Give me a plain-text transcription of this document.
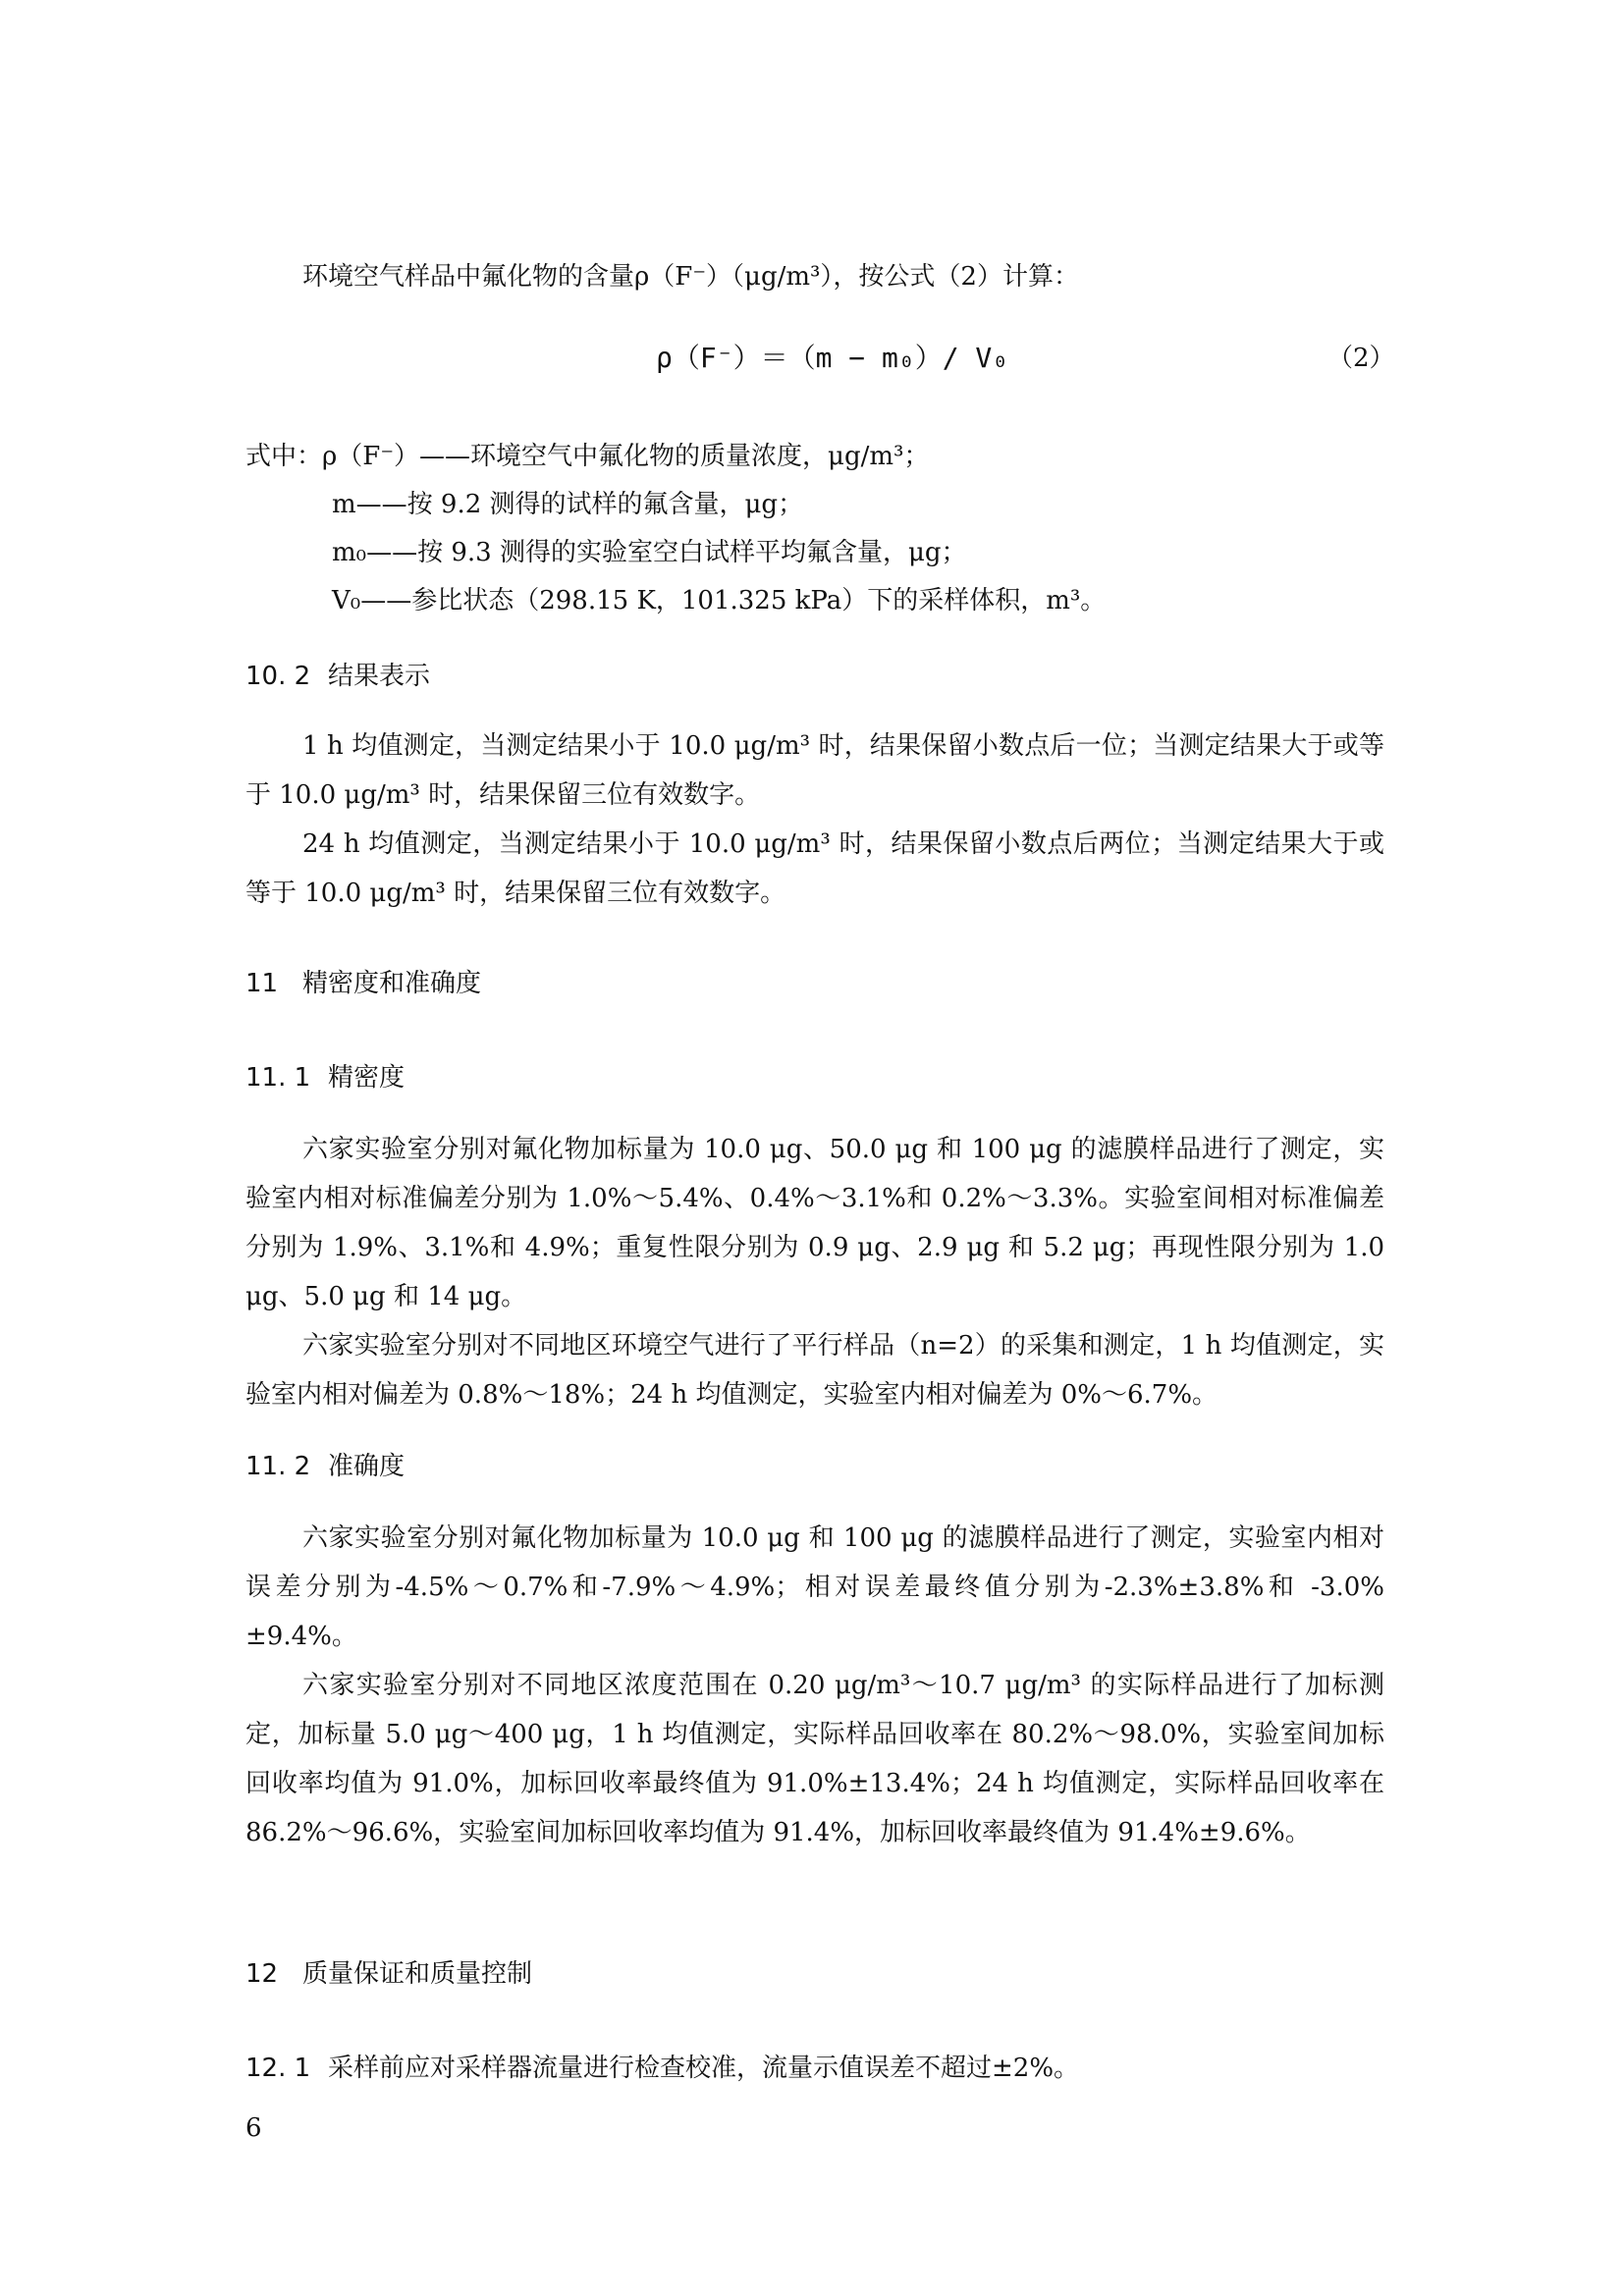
环境空气样品中氟化物的含量ρ（F⁻）（μg/m³），按公式（2）计算：
ρ（F⁻）＝（m − m₀）/ V₀	（2）
式中：ρ（F⁻）——环境空气中氟化物的质量浓度，μg/m³；
m——按 9.2 测得的试样的氟含量，μg；
m₀——按 9.3 测得的实验室空白试样平均氟含量，μg；
V₀——参比状态（298.15 K，101.325 kPa）下的采样体积，m³。
10. 2 结果表示
1 h 均值测定，当测定结果小于 10.0 μg/m³ 时，结果保留小数点后一位；当测定结果大于或等于 10.0 μg/m³ 时，结果保留三位有效数字。
24 h 均值测定，当测定结果小于 10.0 μg/m³ 时，结果保留小数点后两位；当测定结果大于或等于 10.0 μg/m³ 时，结果保留三位有效数字。
11 精密度和准确度
11. 1 精密度
六家实验室分别对氟化物加标量为 10.0 μg、50.0 μg 和 100 μg 的滤膜样品进行了测定，实验室内相对标准偏差分别为 1.0%～5.4%、0.4%～3.1%和 0.2%～3.3%。实验室间相对标准偏差分别为 1.9%、3.1%和 4.9%；重复性限分别为 0.9 μg、2.9 μg 和 5.2 μg；再现性限分别为 1.0 μg、5.0 μg 和 14 μg。
六家实验室分别对不同地区环境空气进行了平行样品（n=2）的采集和测定，1 h 均值测定，实验室内相对偏差为 0.8%～18%；24 h 均值测定，实验室内相对偏差为 0%～6.7%。
11. 2 准确度
六家实验室分别对氟化物加标量为 10.0 μg 和 100 μg 的滤膜样品进行了测定，实验室内相对误差分别为-4.5%～0.7%和-7.9%～4.9%；相对误差最终值分别为-2.3%±3.8%和 -3.0%±9.4%。
六家实验室分别对不同地区浓度范围在 0.20 μg/m³～10.7 μg/m³ 的实际样品进行了加标测定，加标量 5.0 μg～400 μg，1 h 均值测定，实际样品回收率在 80.2%～98.0%，实验室间加标回收率均值为 91.0%，加标回收率最终值为 91.0%±13.4%；24 h 均值测定，实际样品回收率在 86.2%～96.6%，实验室间加标回收率均值为 91.4%，加标回收率最终值为 91.4%±9.6%。
12 质量保证和质量控制
12. 1 采样前应对采样器流量进行检查校准，流量示值误差不超过±2%。
6
